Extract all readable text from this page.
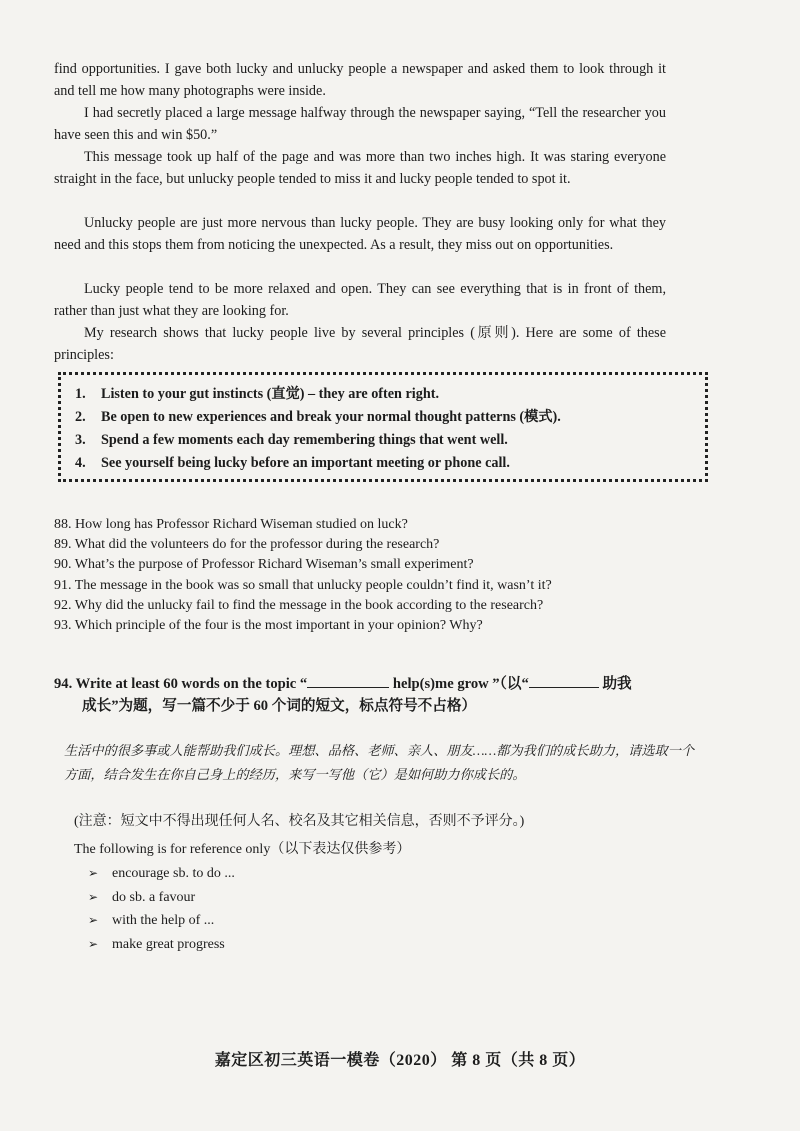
find opportunities. I gave both lucky and unlucky people a newspaper and asked them to look through it and tell me how many photographs were inside.

I had secretly placed a large message halfway through the newspaper saying, “Tell the researcher you have seen this and win $50.”

This message took up half of the page and was more than two inches high. It was staring everyone straight in the face, but unlucky people tended to miss it and lucky people tended to spot it.

Unlucky people are just more nervous than lucky people. They are busy looking only for what they need and this stops them from noticing the unexpected. As a result, they miss out on opportunities.

Lucky people tend to be more relaxed and open. They can see everything that is in front of them, rather than just what they are looking for.

My research shows that lucky people live by several principles (原则). Here are some of these principles:

1. Listen to your gut instincts (直觉) – they are often right.
2. Be open to new experiences and break your normal thought patterns (模式).
3. Spend a few moments each day remembering things that went well.
4. See yourself being lucky before an important meeting or phone call.
88. How long has Professor Richard Wiseman studied on luck?
89. What did the volunteers do for the professor during the research?
90. What’s the purpose of Professor Richard Wiseman’s small experiment?
91. The message in the book was so small that unlucky people couldn’t find it, wasn’t it?
92. Why did the unlucky fail to find the message in the book according to the research?
93. Which principle of the four is the most important in your opinion? Why?
94. Write at least 60 words on the topic “	help(s)me grow ”（以“	助我
成长”为题，写一篇不少于 60 个词的短文，标点符号不占格）
生活中的很多事或人能帮助我们成长。理想、品格、老师、亲人、朋友……都为我们的成长助力，请选取一个方面，结合发生在你自己身上的经历，来写一写他（它）是如何助力你成长的。
(注意：短文中不得出现任何人名、校名及其它相关信息，否则不予评分。)
The following is for reference only（以下表达仅供参考）
➢ encourage sb. to do ...
➢ do sb. a favour
➢ with the help of ...
➢ make great progress
嘉定区初三英语一模卷（2020） 第 8 页（共 8 页）
